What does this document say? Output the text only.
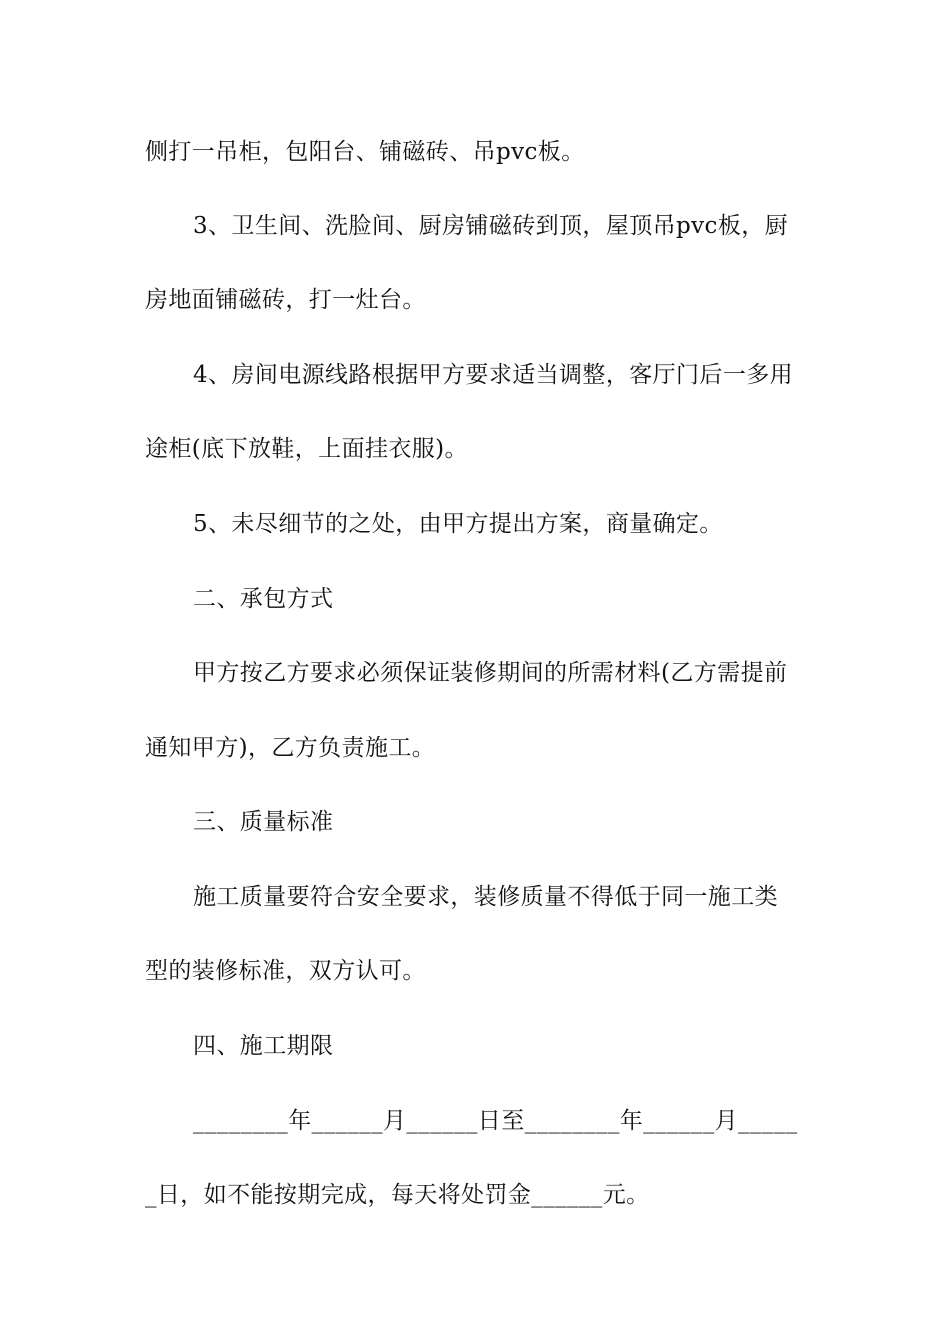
侧打一吊柜，包阳台、铺磁砖、吊pvc板。
3、卫生间、洗脸间、厨房铺磁砖到顶，屋顶吊pvc板，厨
房地面铺磁砖，打一灶台。
4、房间电源线路根据甲方要求适当调整，客厅门后一多用
途柜(底下放鞋，上面挂衣服)。
5、未尽细节的之处，由甲方提出方案，商量确定。
二、承包方式
甲方按乙方要求必须保证装修期间的所需材料(乙方需提前
通知甲方)，乙方负责施工。
三、质量标准
施工质量要符合安全要求，装修质量不得低于同一施工类
型的装修标准，双方认可。
四、施工期限
________年______月______日至________年______月_____
_日，如不能按期完成，每天将处罚金______元。
